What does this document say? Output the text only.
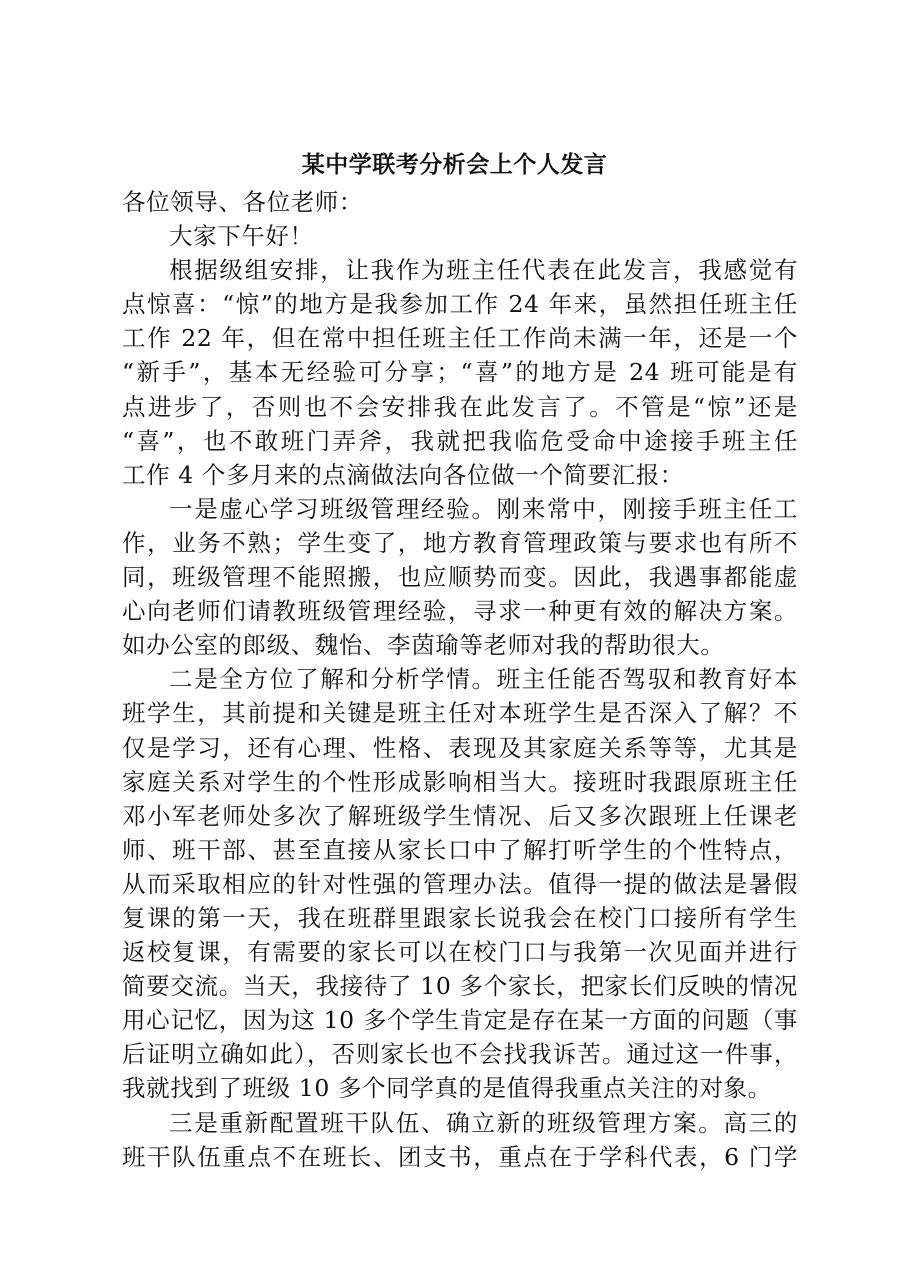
某中学联考分析会上个人发言
各位领导、各位老师：
大家下午好！
根据级组安排，让我作为班主任代表在此发言，我感觉有
点惊喜：“惊”的地方是我参加工作 24 年来，虽然担任班主任
工作 22 年，但在常中担任班主任工作尚未满一年，还是一个
“新手”，基本无经验可分享；“喜”的地方是 24 班可能是有
点进步了，否则也不会安排我在此发言了。不管是“惊”还是
“喜”，也不敢班门弄斧，我就把我临危受命中途接手班主任
工作 4 个多月来的点滴做法向各位做一个简要汇报：
一是虚心学习班级管理经验。刚来常中，刚接手班主任工
作，业务不熟；学生变了，地方教育管理政策与要求也有所不
同，班级管理不能照搬，也应顺势而变。因此，我遇事都能虚
心向老师们请教班级管理经验，寻求一种更有效的解决方案。
如办公室的郎级、魏怡、李茵瑜等老师对我的帮助很大。
二是全方位了解和分析学情。班主任能否驾驭和教育好本
班学生，其前提和关键是班主任对本班学生是否深入了解？不
仅是学习，还有心理、性格、表现及其家庭关系等等，尤其是
家庭关系对学生的个性形成影响相当大。接班时我跟原班主任
邓小军老师处多次了解班级学生情况、后又多次跟班上任课老
师、班干部、甚至直接从家长口中了解打听学生的个性特点，
从而采取相应的针对性强的管理办法。值得一提的做法是暑假
复课的第一天，我在班群里跟家长说我会在校门口接所有学生
返校复课，有需要的家长可以在校门口与我第一次见面并进行
简要交流。当天，我接待了 10 多个家长，把家长们反映的情况
用心记忆，因为这 10 多个学生肯定是存在某一方面的问题（事
后证明立确如此），否则家长也不会找我诉苦。通过这一件事，
我就找到了班级 10 多个同学真的是值得我重点关注的对象。
三是重新配置班干队伍、确立新的班级管理方案。高三的
班干队伍重点不在班长、团支书，重点在于学科代表，6 门学
